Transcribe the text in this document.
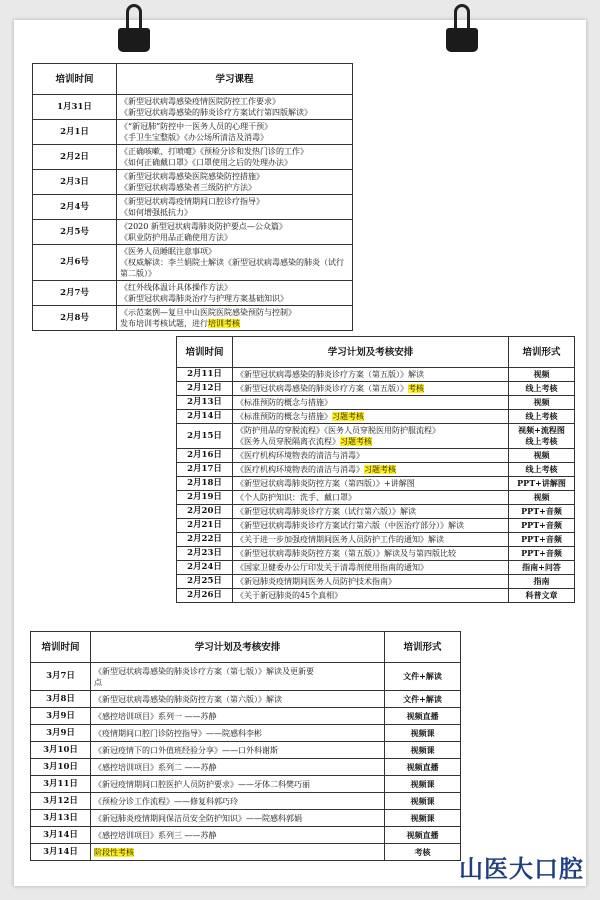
培训时间	学习课程
1月31日	《新型冠状病毒感染疫情医院防控工作要求》
《新型冠状病毒感染的肺炎诊疗方案试行第四版解读》

2月1日	《“新冠肺”防控中一医务人员的心理干预》
《手卫生宝整版》《办公场所清洁及消毒》

2月2日	《正确咳嗽、打喷嚏》《预检分诊和发热门诊的工作》
《如何正确戴口罩》《口罩使用之后的处理办法》

2月3日	《新型冠状病毒感染医院感染防控措施》
《新型冠状病毒感染者三级防护方法》

2月4号	《新型冠状病毒疫情期间口腔诊疗指导》
《如何增强抵抗力》

2月5号	《2020 新型冠状病毒肺炎防护要点—公众篇》
《职业防护用品正确使用方法》

2月6号	《医务人员睡眠注意事项》
《权威解读：李兰娟院士解读《新型冠状病毒感染的肺炎（试行
第二版）》

2月7号	《红外线体温计具体操作方法》
《新型冠状病毒肺炎治疗与护理方案基础知识》

2月8号	《示范案例—复旦中山医院医院感染预防与控制》
发布培训考核试题，进行培训考核
培训时间	学习计划及考核安排	培训形式
2月11日	《新型冠状病毒感染的肺炎诊疗方案（第五版）》解读	视频

2月12日	《新型冠状病毒感染的肺炎诊疗方案（第五版）》考核	线上考核

2月13日	《标准预防的概念与措施》	视频

2月14日	《标准预防的概念与措施》习题考核	线上考核

2月15日	《防护用品的穿脱流程》《医务人员穿脱医用防护服流程》
《医务人员穿脱隔离衣流程》习题考核	视频+流程图
线上考核

2月16日	《医疗机构环境物表的清洁与消毒》	视频

2月17日	《医疗机构环境物表的清洁与消毒》习题考核	线上考核

2月18日	《新型冠状病毒肺炎防控方案（第四版）》+讲解图	PPT+讲解图

2月19日	《个人防护知识：洗手、戴口罩》	视频

2月20日	《新型冠状病毒肺炎诊疗方案（试行第六版）》解读	PPT+音频

2月21日	《新型冠状病毒肺炎诊疗方案试行第六版（中医治疗部分）》解读	PPT+音频

2月22日	《关于进一步加强疫情期间医务人员防护工作的通知》解读	PPT+音频

2月23日	《新型冠状病毒肺炎防控方案（第五版）》解读及与第四版比较	PPT+音频

2月24日	《国家卫健委办公厅印发关于清毒剂使用指南的通知》	指南+问答

2月25日	《新冠肺炎疫情期间医务人员防护技术指南》	指南

2月26日	《关于新冠肺炎的45个真相》	科普文章
培训时间	学习计划及考核安排	培训形式
3月7日	《新型冠状病毒感染的肺炎诊疗方案（第七版）》解读及更新要
点	文件+解读

3月8日	《新型冠状病毒感染的肺炎防控方案（第六版）》解读	文件+解读

3月9日	《感控培训项目》系列一 ——苏静	视频直播

3月9日	《疫情期间口腔门诊防控指导》——院感科李彬	视频课

3月10日	《新冠疫情下的口外值班经验分享》——口外科谢斯	视频课

3月10日	《感控培训项目》系列二 ——苏静	视频直播

3月11日	《新冠疫情期间口腔医护人员防护要求》——牙体二科樊巧丽	视频课

3月12日	《预检分诊工作流程》——修复科郭巧玲	视频课

3月13日	《新冠肺炎疫情期间保洁员安全防护知识》——院感科郭娟	视频课

3月14日	《感控培训项目》系列三 ——苏静	视频直播

3月14日	阶段性考核	考核
山医大口腔
